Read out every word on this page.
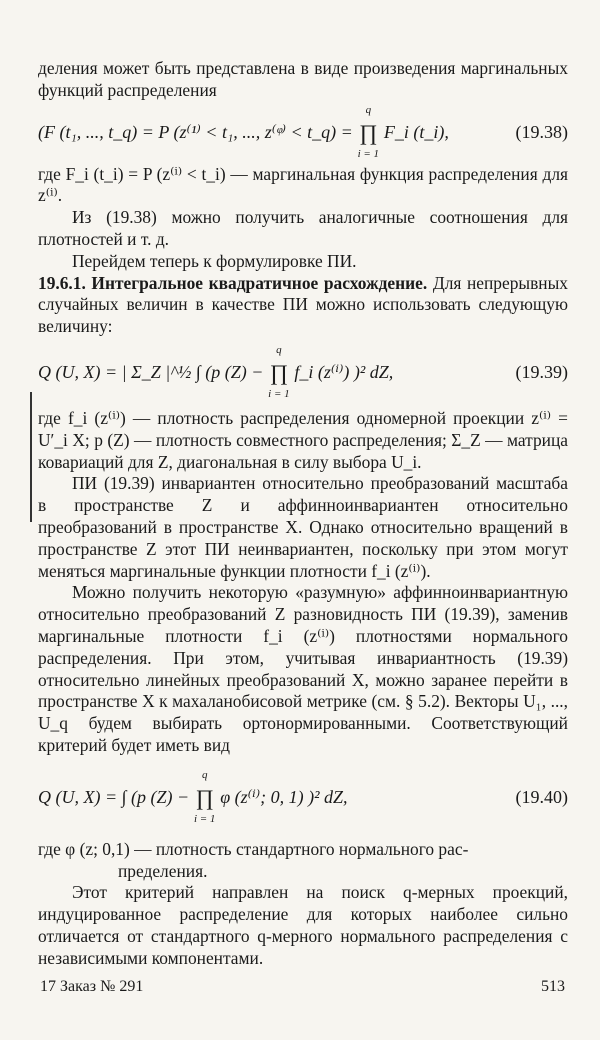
деления может быть представлена в виде произведения маргинальных функций распределения

(F (t₁, ..., t_q) = P (z⁽¹⁾ < t₁, ..., z⁽ᵠ⁾ < t_q) =
q
∏
i = 1
F_i (t_i),	(19.38)

где F_i (t_i) = P (z⁽ⁱ⁾ < t_i) — маргинальная функция распределения для z⁽ⁱ⁾.

Из (19.38) можно получить аналогичные соотношения для плотностей и т. д.

Перейдем теперь к формулировке ПИ.

19.6.1. Интегральное квадратичное расхождение. Для непрерывных случайных величин в качестве ПИ можно использовать следующую величину:

Q (U, X) = | Σ_Z |^½ ∫ (p (Z) −
q
∏
i = 1
f_i (z⁽ⁱ⁾) )² dZ,	(19.39)

где f_i (z⁽ⁱ⁾) — плотность распределения одномерной проекции z⁽ⁱ⁾ = U′_i X; p (Z) — плотность совместного распределения; Σ_Z — матрица ковариаций для Z, диагональная в силу выбора U_i.

ПИ (19.39) инвариантен относительно преобразований масштаба в пространстве Z и аффинноинвариантен относительно преобразований в пространстве X. Однако относительно вращений в пространстве Z этот ПИ неинвариантен, поскольку при этом могут меняться маргинальные функции плотности f_i (z⁽ⁱ⁾).

Можно получить некоторую «разумную» аффинноинвариантную относительно преобразований Z разновидность ПИ (19.39), заменив маргинальные плотности f_i (z⁽ⁱ⁾) плотностями нормального распределения. При этом, учитывая инвариантность (19.39) относительно линейных преобразований X, можно заранее перейти в пространстве X к махаланобисовой метрике (см. § 5.2). Векторы U₁, ..., U_q будем выбирать ортонормированными. Соответствующий критерий будет иметь вид

Q (U, X) = ∫ (p (Z) −
q
∏
i = 1
φ (z⁽ⁱ⁾; 0, 1) )² dZ,	(19.40)

где φ (z; 0,1) — плотность стандартного нормального рас-

пределения.

Этот критерий направлен на поиск q-мерных проекций, индуцированное распределение для которых наиболее сильно отличается от стандартного q-мерного нормального распределения с независимыми компонентами.

17 Заказ № 291	513
